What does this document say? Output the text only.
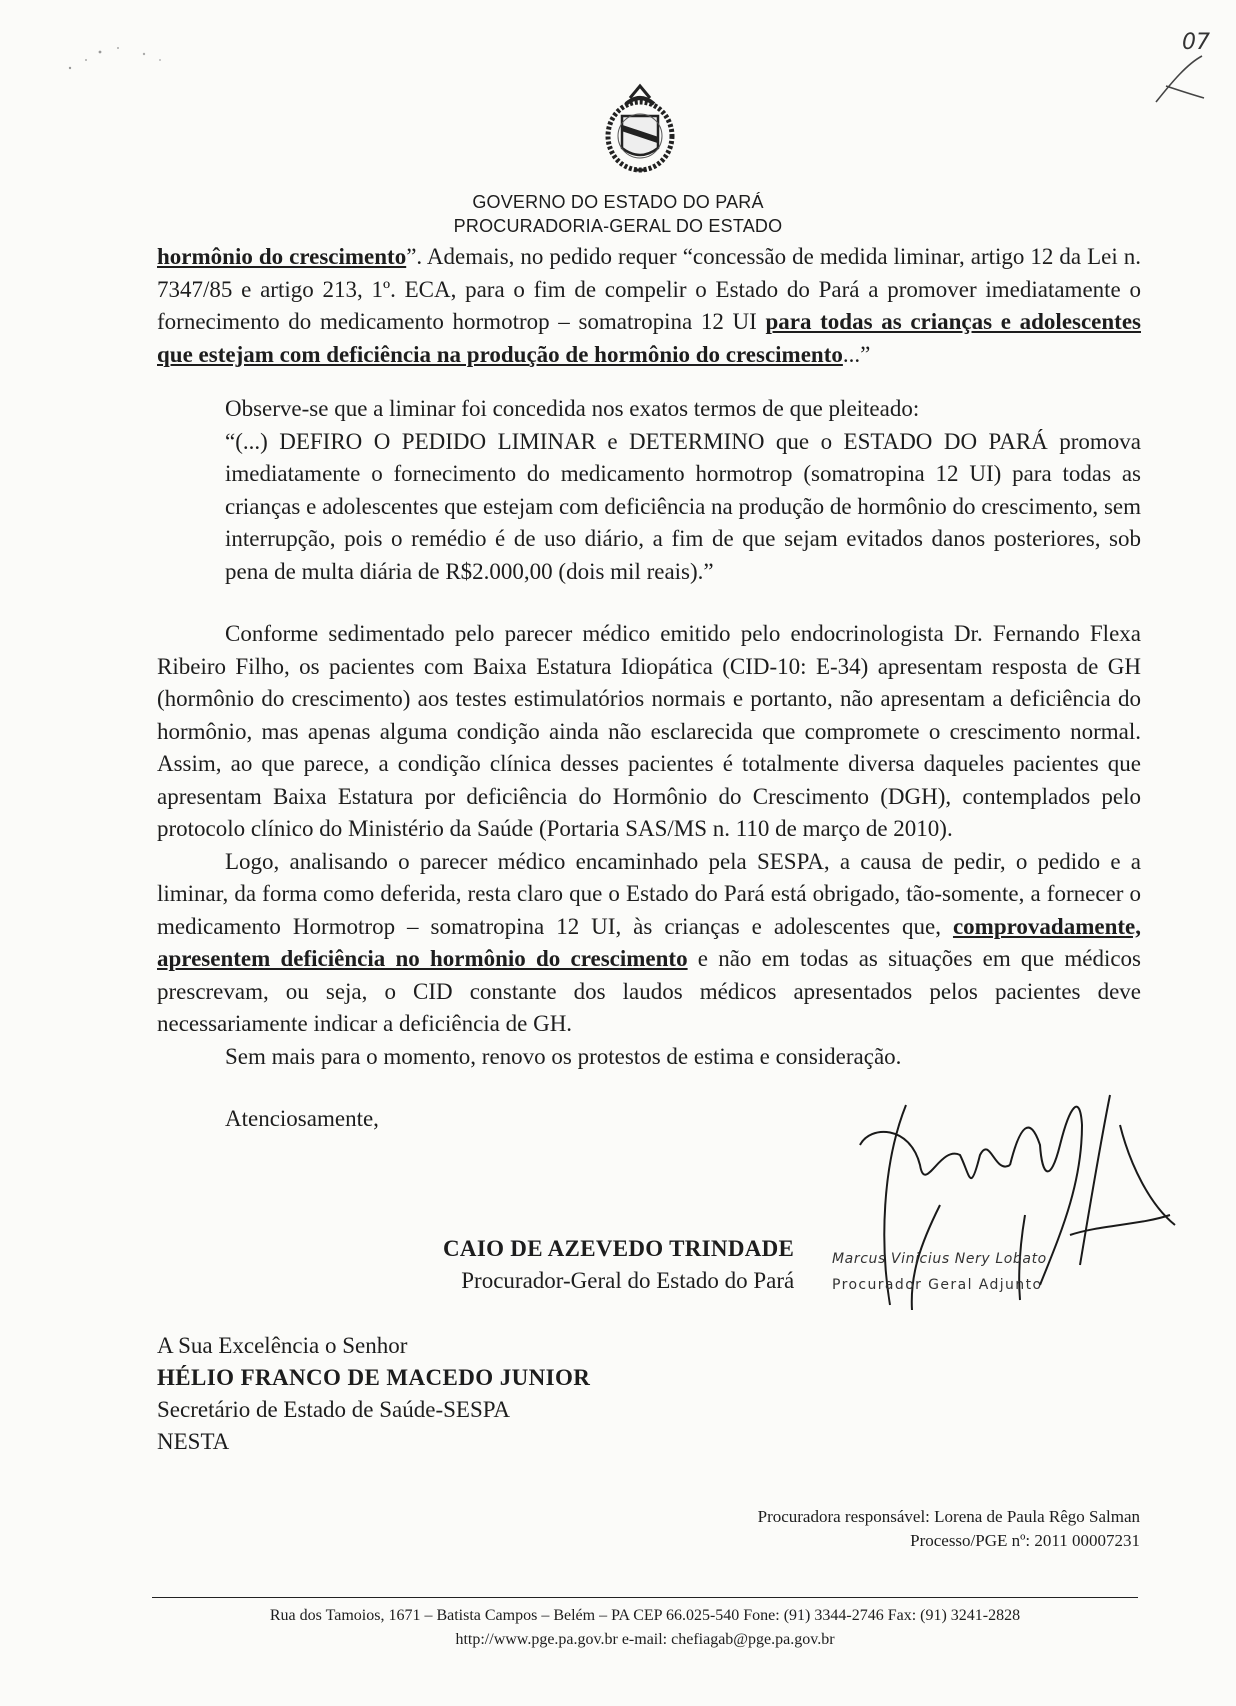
07
GOVERNO DO ESTADO DO PARÁ
PROCURADORIA-GERAL DO ESTADO

hormônio do crescimento”. Ademais, no pedido requer “concessão de medida liminar, artigo 12 da Lei n. 7347/85 e artigo 213, 1º. ECA, para o fim de compelir o Estado do Pará a promover imediatamente o fornecimento do medicamento hormotrop – somatropina 12 UI para todas as crianças e adolescentes que estejam com deficiência na produção de hormônio do crescimento...”

Observe-se que a liminar foi concedida nos exatos termos de que pleiteado:

“(...) DEFIRO O PEDIDO LIMINAR e DETERMINO que o ESTADO DO PARÁ promova imediatamente o fornecimento do medicamento hormotrop (somatropina 12 UI) para todas as crianças e adolescentes que estejam com deficiência na produção de hormônio do crescimento, sem interrupção, pois o remédio é de uso diário, a fim de que sejam evitados danos posteriores, sob pena de multa diária de R$2.000,00 (dois mil reais).”

Conforme sedimentado pelo parecer médico emitido pelo endocrinologista Dr. Fernando Flexa Ribeiro Filho, os pacientes com Baixa Estatura Idiopática (CID-10: E-34) apresentam resposta de GH (hormônio do crescimento) aos testes estimulatórios normais e portanto, não apresentam a deficiência do hormônio, mas apenas alguma condição ainda não esclarecida que compromete o crescimento normal. Assim, ao que parece, a condição clínica desses pacientes é totalmente diversa daqueles pacientes que apresentam Baixa Estatura por deficiência do Hormônio do Crescimento (DGH), contemplados pelo protocolo clínico do Ministério da Saúde (Portaria SAS/MS n. 110 de março de 2010).

Logo, analisando o parecer médico encaminhado pela SESPA, a causa de pedir, o pedido e a liminar, da forma como deferida, resta claro que o Estado do Pará está obrigado, tão-somente, a fornecer o medicamento Hormotrop – somatropina 12 UI, às crianças e adolescentes que, comprovadamente, apresentem deficiência no hormônio do crescimento e não em todas as situações em que médicos prescrevam, ou seja, o CID constante dos laudos médicos apresentados pelos pacientes deve necessariamente indicar a deficiência de GH.

Sem mais para o momento, renovo os protestos de estima e consideração.

Atenciosamente,

Marcus Vinicius Nery Lobato
Procurador Geral Adjunto
CAIO DE AZEVEDO TRINDADE
Procurador-Geral do Estado do Pará
A Sua Excelência o Senhor
HÉLIO FRANCO DE MACEDO JUNIOR
Secretário de Estado de Saúde-SESPA
NESTA
Procuradora responsável: Lorena de Paula Rêgo Salman
Processo/PGE nº: 2011 00007231
Rua dos Tamoios, 1671 – Batista Campos – Belém – PA CEP 66.025-540 Fone: (91) 3344-2746 Fax: (91) 3241-2828
http://www.pge.pa.gov.br e-mail: chefiagab@pge.pa.gov.br
